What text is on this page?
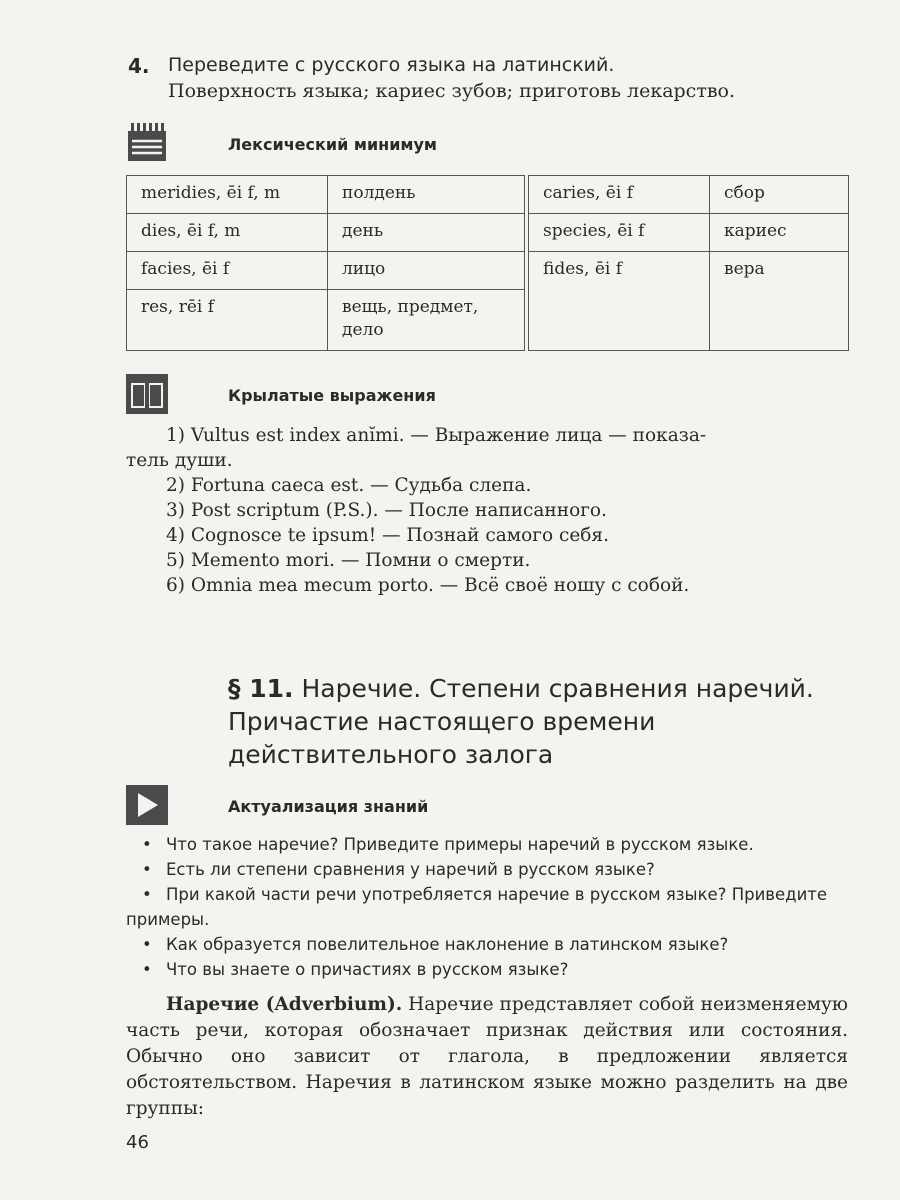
4. Переведите с русского языка на латинский.
Поверхность языка; кариес зубов; приготовь лекарство.
Лексический минимум
meridies, ēi f, m	полдень		caries, ēi f	сбор
dies, ēi f, m	день		species, ēi f	кариес
facies, ēi f	лицо		fides, ēi f	вера
res, rēi f	вещь, предмет, дело			
Крылатые выражения
1) Vultus est index anĭmi. — Выражение лица — показа-
тель души.
2) Fortuna caeca est. — Судьба слепа.
3) Post scriptum (P.S.). — После написанного.
4) Cognosce te ipsum! — Познай самого себя.
5) Memento mori. — Помни о смерти.
6) Omnia mea mecum porto. — Всё своё ношу с собой.
§ 11. Наречие. Степени сравнения наречий.
Причастие настоящего времени
действительного залога
Актуализация знаний
• Что такое наречие? Приведите примеры наречий в русском языке.
• Есть ли степени сравнения у наречий в русском языке?
• При какой части речи употребляется наречие в русском языке? Приведите примеры.
• Как образуется повелительное наклонение в латинском языке?
• Что вы знаете о причастиях в русском языке?
Наречие (Adverbium). Наречие представляет собой неизменяемую часть речи, которая обозначает признак действия или состояния. Обычно оно зависит от глагола, в предложении является обстоятельством. Наречия в латинском языке можно разделить на две группы:
46
